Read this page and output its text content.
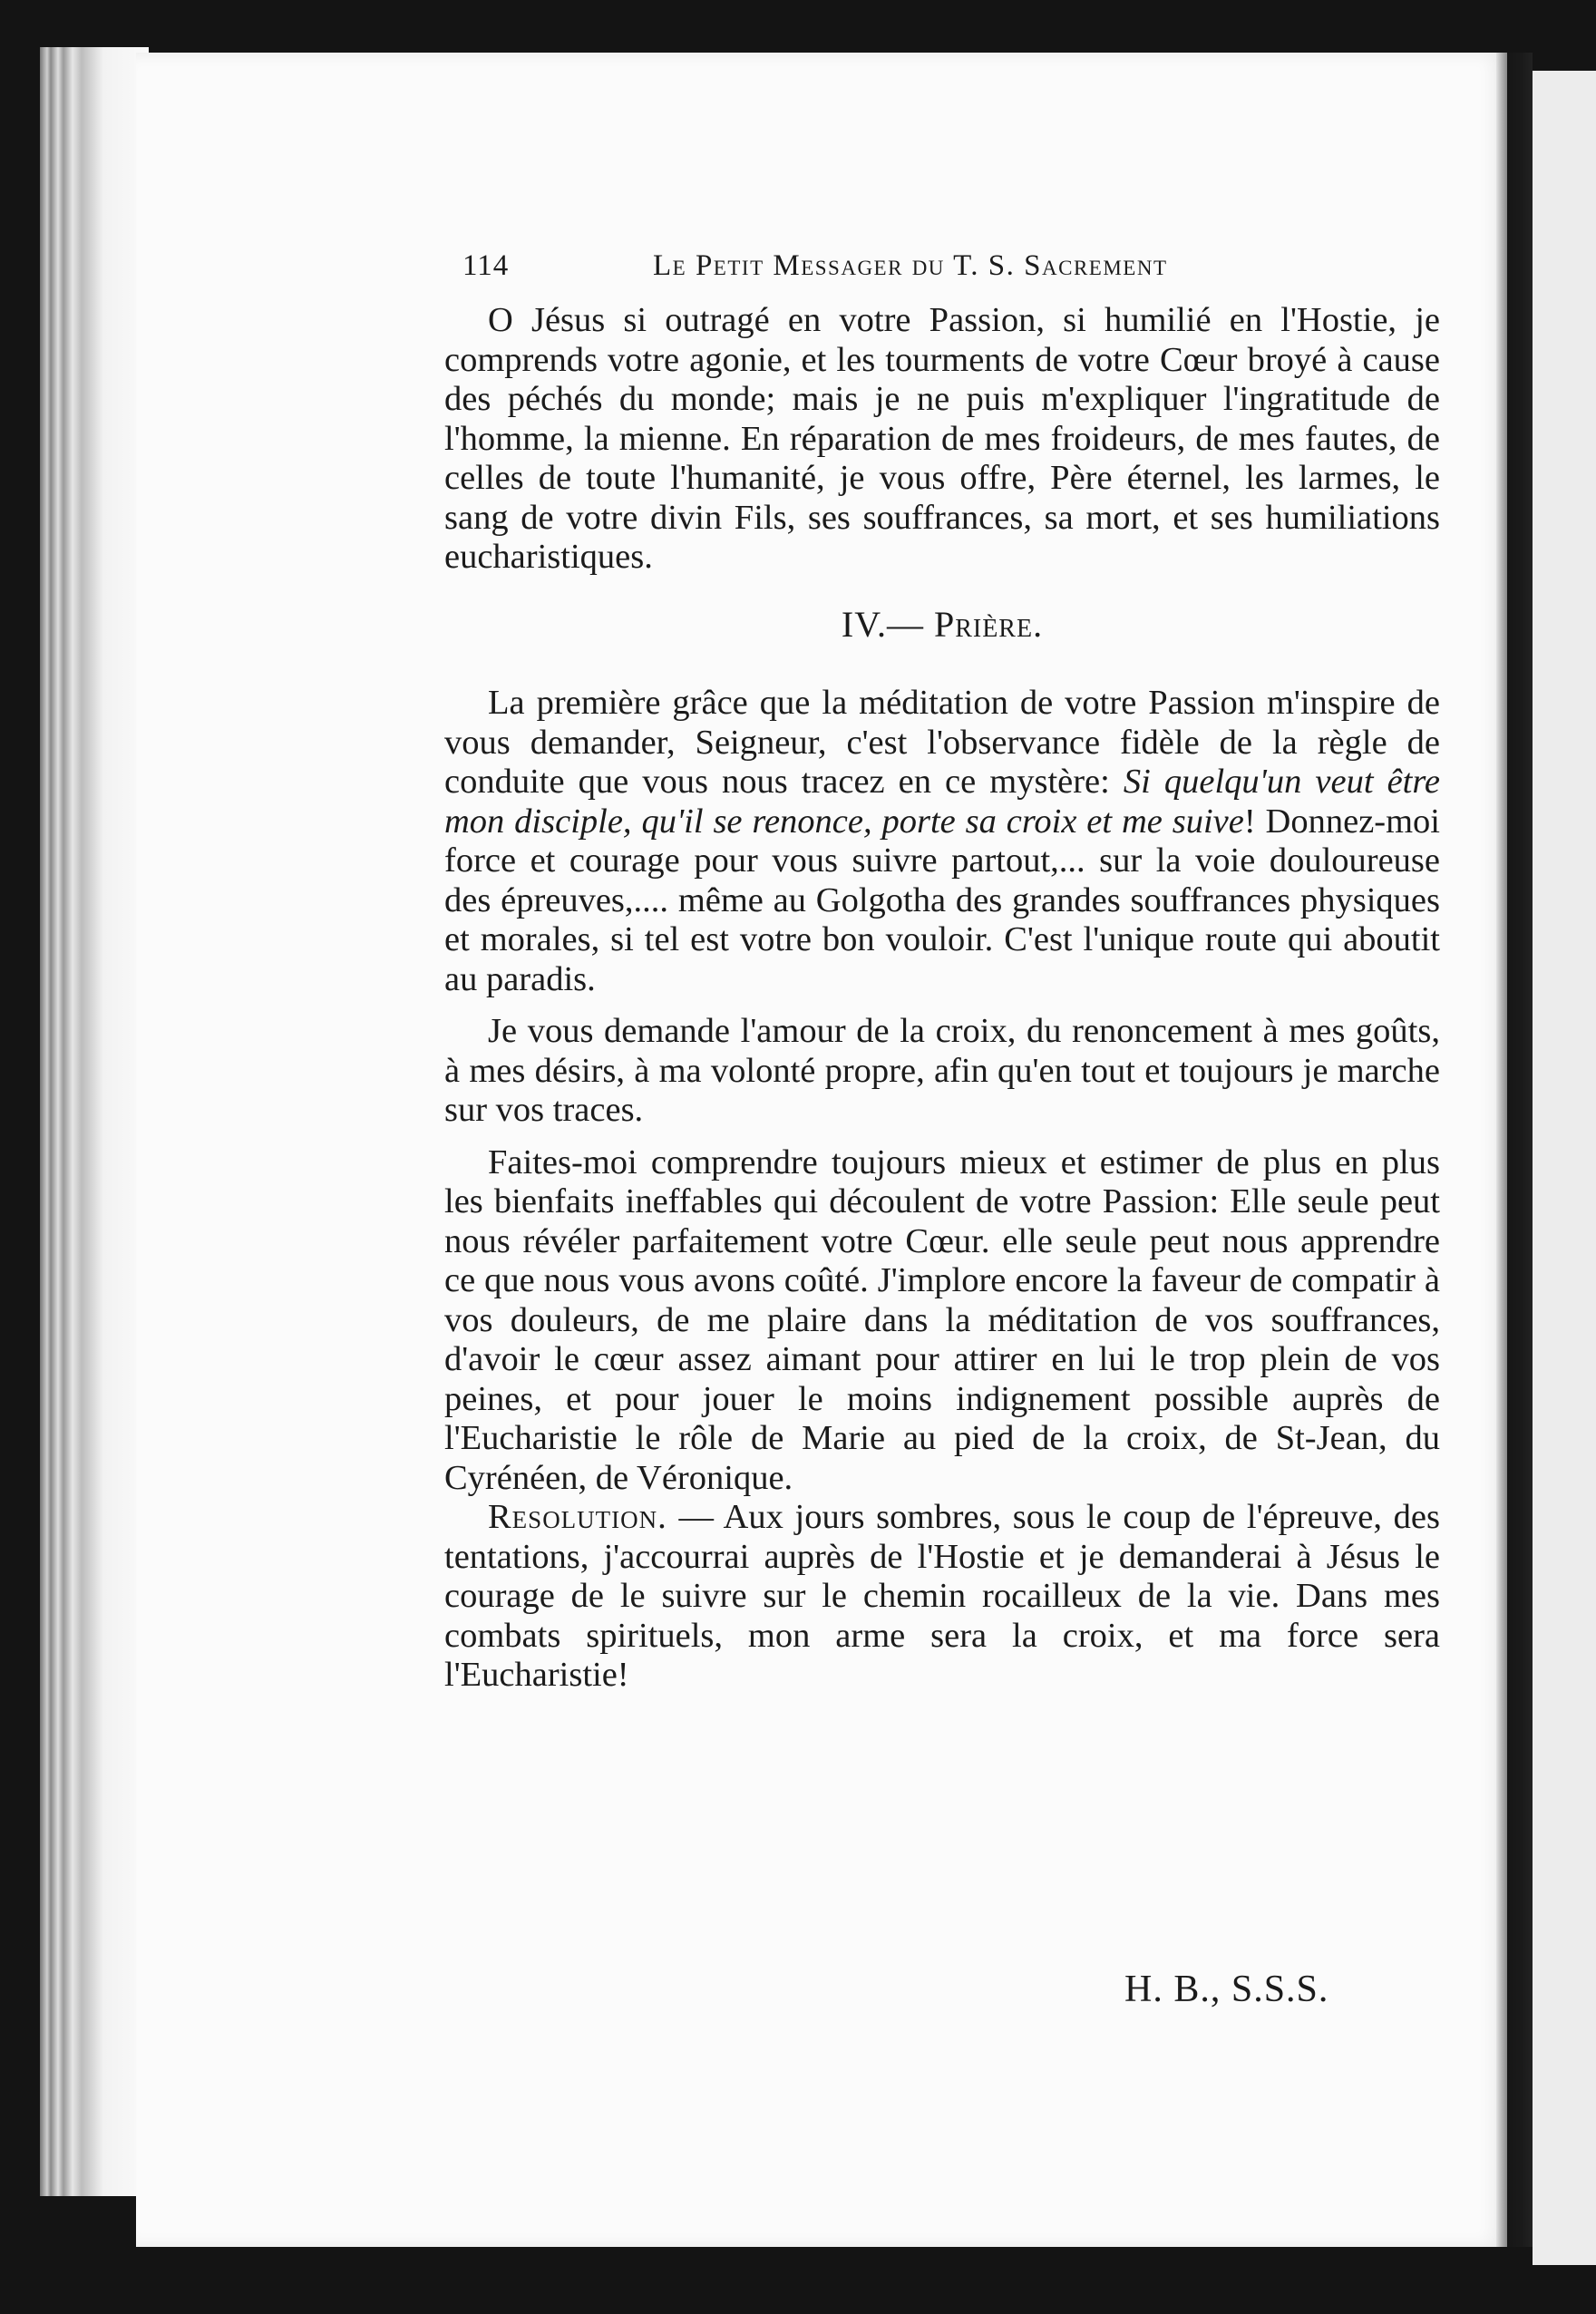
114	Le Petit Messager du T. S. Sacrement

O Jésus si outragé en votre Passion, si humilié en l'Hostie, je comprends votre agonie, et les tourments de votre Cœur broyé à cause des péchés du monde; mais je ne puis m'expliquer l'ingratitude de l'homme, la mienne. En réparation de mes froideurs, de mes fautes, de celles de toute l'humanité, je vous offre, Père éternel, les larmes, le sang de votre divin Fils, ses souffrances, sa mort, et ses humiliations eucharistiques.

IV.— Prière.

La première grâce que la méditation de votre Passion m'inspire de vous demander, Seigneur, c'est l'observance fidèle de la règle de conduite que vous nous tracez en ce mystère: Si quelqu'un veut être mon disciple, qu'il se renonce, porte sa croix et me suive! Donnez-moi force et courage pour vous suivre partout,... sur la voie douloureuse des épreuves,.... même au Golgotha des grandes souffrances physiques et morales, si tel est votre bon vouloir. C'est l'unique route qui aboutit au paradis.

Je vous demande l'amour de la croix, du renoncement à mes goûts, à mes désirs, à ma volonté propre, afin qu'en tout et toujours je marche sur vos traces.

Faites-moi comprendre toujours mieux et estimer de plus en plus les bienfaits ineffables qui découlent de votre Passion: Elle seule peut nous révéler parfaitement votre Cœur. elle seule peut nous apprendre ce que nous vous avons coûté. J'implore encore la faveur de compatir à vos douleurs, de me plaire dans la méditation de vos souffrances, d'avoir le cœur assez aimant pour attirer en lui le trop plein de vos peines, et pour jouer le moins indignement possible auprès de l'Eucharistie le rôle de Marie au pied de la croix, de St-Jean, du Cyrénéen, de Véronique.

Resolution. — Aux jours sombres, sous le coup de l'épreuve, des tentations, j'accourrai auprès de l'Hostie et je demanderai à Jésus le courage de le suivre sur le chemin rocailleux de la vie. Dans mes combats spirituels, mon arme sera la croix, et ma force sera l'Eucharistie!

H. B., S.S.S.
